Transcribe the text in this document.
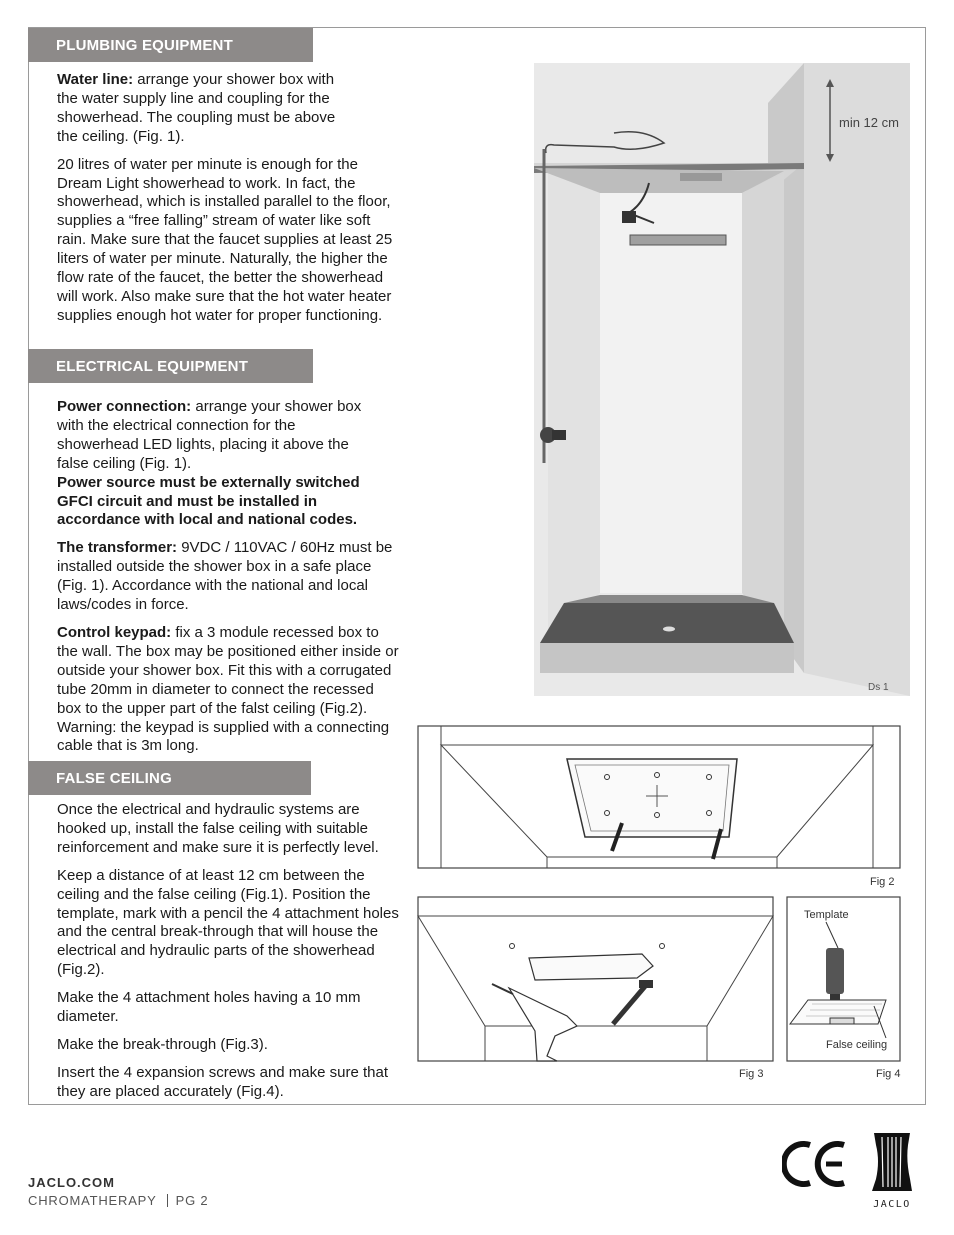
PLUMBING EQUIPMENT

Water line: arrange your shower box with the water supply line and coupling for the showerhead. The coupling must be above the ceiling. (Fig. 1).

20 litres of water per minute is enough for the Dream Light showerhead to work. In fact, the showerhead, which is installed parallel to the floor, supplies a “free falling” stream of water like soft rain. Make sure that the faucet supplies at least 25 liters of water per minute. Naturally, the higher the flow rate of the faucet, the better the showerhead will work. Also make sure that the hot water heater supplies enough hot water for proper functioning.

ELECTRICAL EQUIPMENT

Power connection: arrange your shower box with the electrical connection for the showerhead LED lights, placing it above the false ceiling (Fig. 1).

Power source must be externally switched GFCI circuit and must be installed in accordance with local and national codes.

The transformer: 9VDC / 110VAC / 60Hz must be installed outside the shower box in a safe place (Fig. 1). Accordance with the national and local laws/codes in force.

Control keypad: fix a 3 module recessed box to the wall. The box may be positioned either inside or outside your shower box. Fit this with a corrugated tube 20mm in diameter to connect the recessed box to the upper part of the falst ceiling (Fig.2). Warning: the keypad is supplied with a connecting cable that is 3m long.

FALSE CEILING

Once the electrical and hydraulic systems are hooked up, install the false ceiling with suitable reinforcement and make sure it is perfectly level.

Keep a distance of at least 12 cm between the ceiling and the false ceiling (Fig.1). Position the template, mark with a pencil the 4 attachment holes and the central break-through that will house the electrical and hydraulic parts of the showerhead (Fig.2).

Make the 4 attachment holes having a 10 mm diameter.

Make the break-through (Fig.3).

Insert the 4 expansion screws and make sure that they are placed accurately (Fig.4).

min 12 cm
Ds 1
Fig 2
Fig 3
Template
False ceiling
Fig 4
JACLO.COM
CHROMATHERAPY PG 2	JACLO
